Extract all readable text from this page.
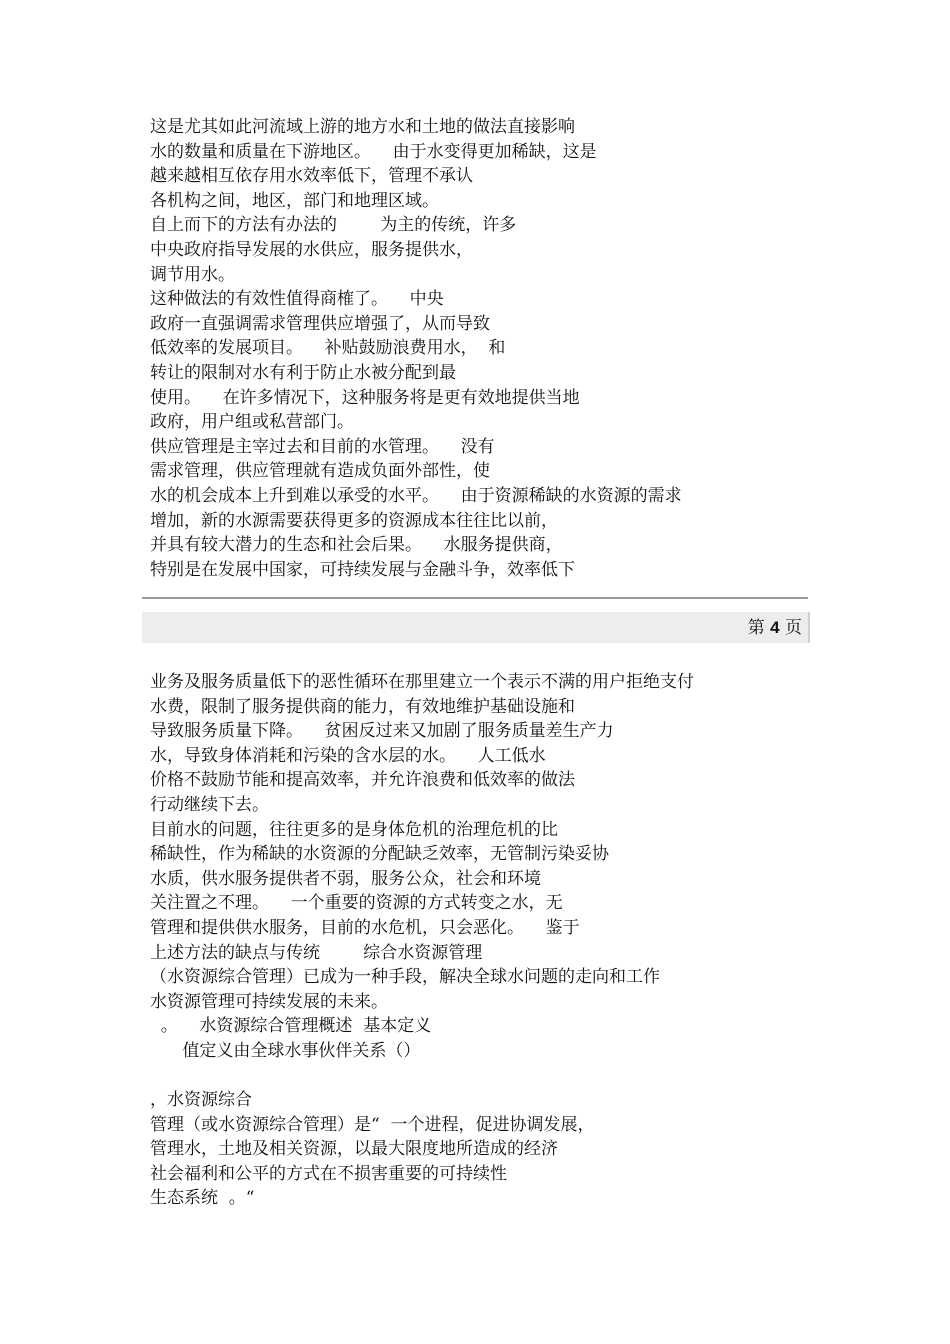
这是尤其如此河流域上游的地方水和土地的做法直接影响
水的数量和质量在下游地区。    由于水变得更加稀缺，这是
越来越相互依存用水效率低下，管理不承认
各机构之间，地区，部门和地理区域。
自上而下的方法有办法的        为主的传统，许多
中央政府指导发展的水供应，服务提供水，
调节用水。
这种做法的有效性值得商榷了。    中央
政府一直强调需求管理供应增强了，从而导致
低效率的发展项目。    补贴鼓励浪费用水，  和
转让的限制对水有利于防止水被分配到最
使用。    在许多情况下，这种服务将是更有效地提供当地
政府，用户组或私营部门。
供应管理是主宰过去和目前的水管理。    没有
需求管理，供应管理就有造成负面外部性，使
水的机会成本上升到难以承受的水平。    由于资源稀缺的水资源的需求
增加，新的水源需要获得更多的资源成本往往比以前，
并具有较大潜力的生态和社会后果。    水服务提供商，
特别是在发展中国家，可持续发展与金融斗争，效率低下
第 4 页
业务及服务质量低下的恶性循环在那里建立一个表示不满的用户拒绝支付
水费，限制了服务提供商的能力，有效地维护基础设施和
导致服务质量下降。    贫困反过来又加剧了服务质量差生产力
水，导致身体消耗和污染的含水层的水。    人工低水
价格不鼓励节能和提高效率，并允许浪费和低效率的做法
行动继续下去。
目前水的问题，往往更多的是身体危机的治理危机的比
稀缺性，作为稀缺的水资源的分配缺乏效率，无管制污染妥协
水质，供水服务提供者不弱，服务公众，社会和环境
关注置之不理。    一个重要的资源的方式转变之水，无
管理和提供供水服务，目前的水危机，只会恶化。    鉴于
上述方法的缺点与传统        综合水资源管理
（水资源综合管理）已成为一种手段，解决全球水问题的走向和工作
水资源管理可持续发展的未来。
。    水资源综合管理概述  基本定义
值定义由全球水事伙伴关系（）
，水资源综合
管理（或水资源综合管理）是“  一个进程，促进协调发展，
管理水，土地及相关资源，以最大限度地所造成的经济
社会福利和公平的方式在不损害重要的可持续性
生态系统  。“
